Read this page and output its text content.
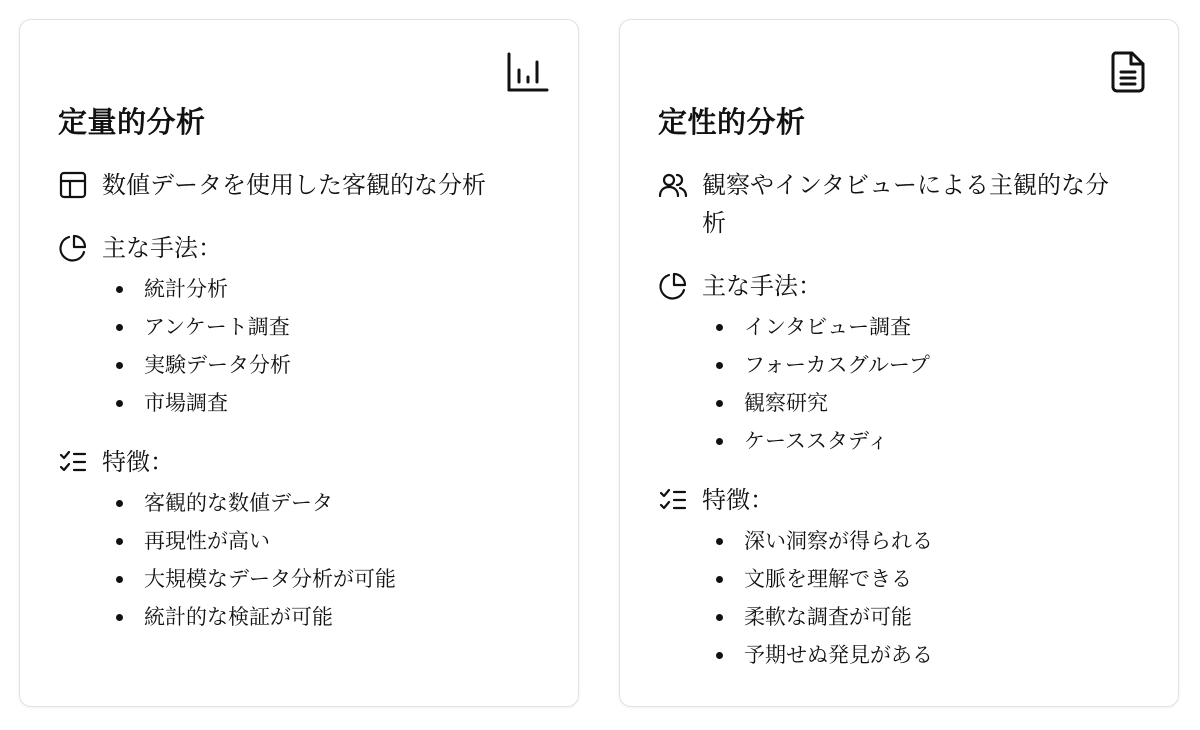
定量的分析
数値データを使用した客観的な分析
主な手法：
統計分析
アンケート調査
実験データ分析
市場調査
特徴：
客観的な数値データ
再現性が高い
大規模なデータ分析が可能
統計的な検証が可能
定性的分析
観察やインタビューによる主観的な分
析
主な手法：
インタビュー調査
フォーカスグループ
観察研究
ケーススタディ
特徴：
深い洞察が得られる
文脈を理解できる
柔軟な調査が可能
予期せぬ発見がある
